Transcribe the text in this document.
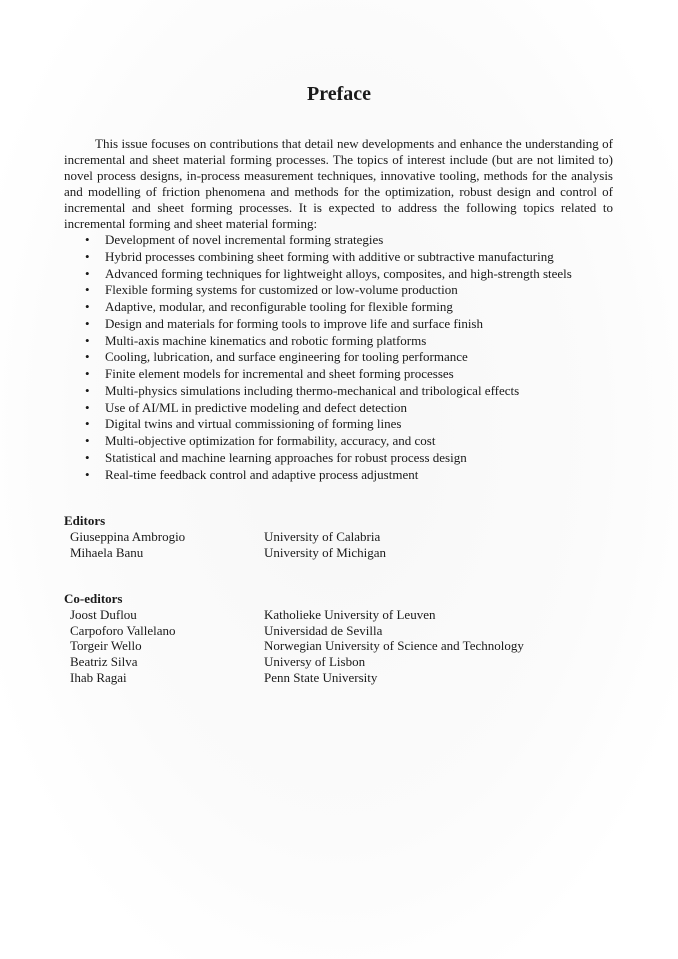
Preface

This issue focuses on contributions that detail new developments and enhance the understanding of incremental and sheet material forming processes. The topics of interest include (but are not limited to) novel process designs, in-process measurement techniques, innovative tooling, methods for the analysis and modelling of friction phenomena and methods for the optimization, robust design and control of incremental and sheet forming processes. It is expected to address the following topics related to incremental forming and sheet material forming:

• Development of novel incremental forming strategies
• Hybrid processes combining sheet forming with additive or subtractive manufacturing
• Advanced forming techniques for lightweight alloys, composites, and high-strength steels
• Flexible forming systems for customized or low-volume production
• Adaptive, modular, and reconfigurable tooling for flexible forming
• Design and materials for forming tools to improve life and surface finish
• Multi-axis machine kinematics and robotic forming platforms
• Cooling, lubrication, and surface engineering for tooling performance
• Finite element models for incremental and sheet forming processes
• Multi-physics simulations including thermo-mechanical and tribological effects
• Use of AI/ML in predictive modeling and defect detection
• Digital twins and virtual commissioning of forming lines
• Multi-objective optimization for formability, accuracy, and cost
• Statistical and machine learning approaches for robust process design
• Real-time feedback control and adaptive process adjustment
Editors
Giuseppina Ambrogio	University of Calabria
Mihaela Banu	University of Michigan
Co-editors
Joost Duflou	Katholieke University of Leuven
Carpoforo Vallelano	Universidad de Sevilla
Torgeir Wello	Norwegian University of Science and Technology
Beatriz Silva	Universy of Lisbon
Ihab Ragai	Penn State University
